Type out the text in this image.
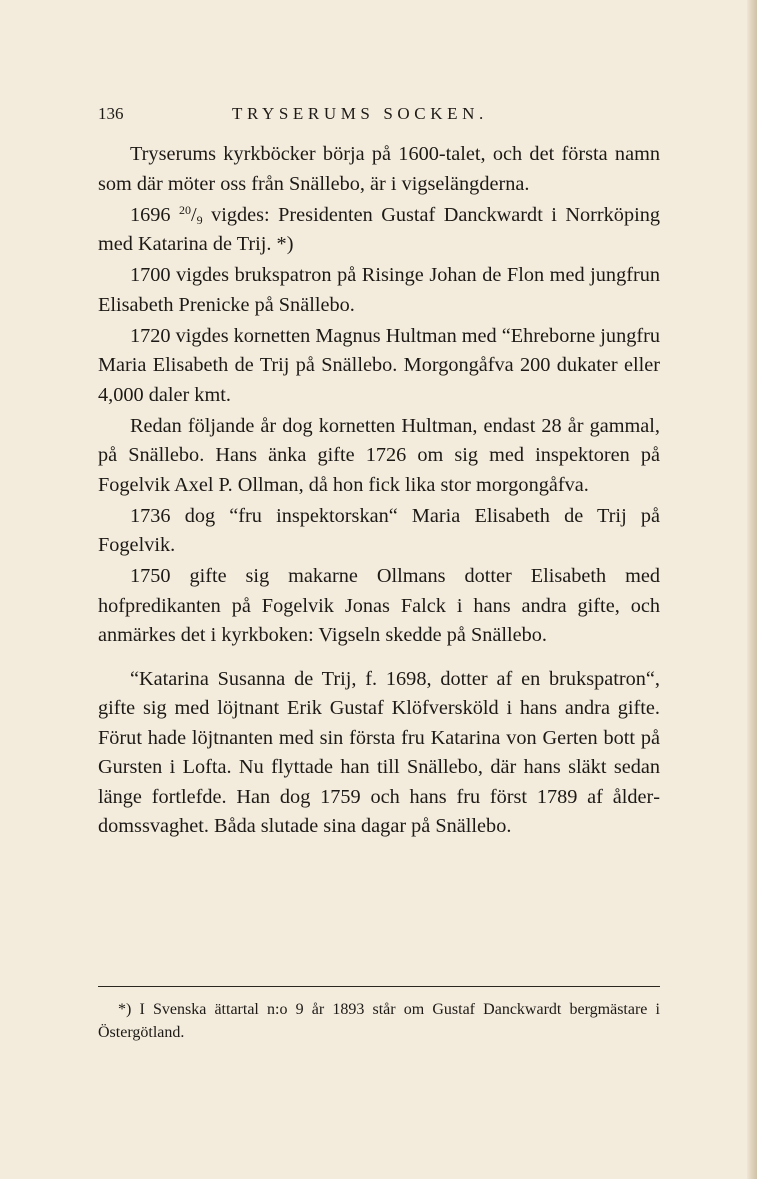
136	TRYSERUMS SOCKEN.

Tryserums kyrkböcker börja på 1600-talet, och det första namn som där möter oss från Snällebo, är i vigselängderna.

1696 $^{20}/_9$ vigdes: Presidenten Gustaf Danckwardt i Norrköping med Katarina de Trij. *)

1700 vigdes brukspatron på Risinge Johan de Flon med jungfrun Elisabeth Prenicke på Snällebo.

1720 vigdes kornetten Magnus Hultman med “Ehreborne jungfru Maria Elisabeth de Trij på Snällebo. Morgongåfva 200 dukater eller 4,000 daler kmt.

Redan följande år dog kornetten Hultman, endast 28 år gammal, på Snällebo. Hans änka gifte 1726 om sig med inspektoren på Fogelvik Axel P. Ollman, då hon fick lika stor morgongåfva.

1736 dog “fru inspektorskan“ Maria Elisabeth de Trij på Fogelvik.

1750 gifte sig makarne Ollmans dotter Elisabeth med hofpredikanten på Fogelvik Jonas Falck i hans andra gifte, och anmärkes det i kyrkboken: Vigseln skedde på Snällebo.

“Katarina Susanna de Trij, f. 1698, dotter af en brukspatron“, gifte sig med löjtnant Erik Gustaf Klöfversköld i hans andra gifte. Förut hade löjtnanten med sin första fru Katarina von Gerten bott på Gursten i Lofta. Nu flyttade han till Snällebo, där hans släkt sedan länge fortlefde. Han dog 1759 och hans fru först 1789 af ålderdomssvaghet. Båda slutade sina dagar på Snällebo.

*) I Svenska ättartal n:o 9 år 1893 står om Gustaf Danckwardt bergmästare i Östergötland.
